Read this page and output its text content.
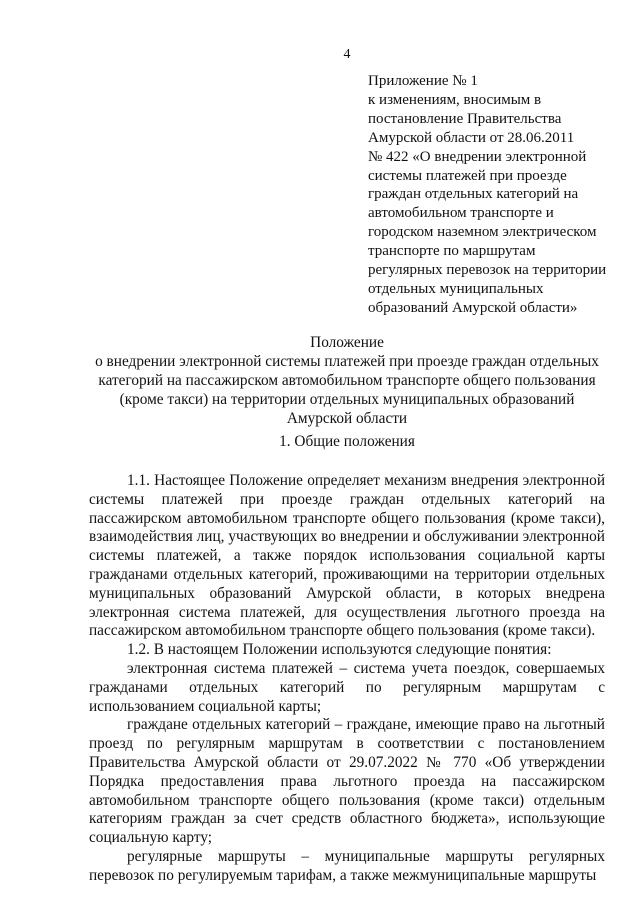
4
Приложение № 1
к изменениям, вносимым в
постановление Правительства
Амурской области от 28.06.2011
№ 422 «О внедрении электронной
системы платежей при проезде
граждан отдельных категорий на
автомобильном транспорте и
городском наземном электрическом
транспорте по маршрутам
регулярных перевозок на территории
отдельных муниципальных
образований Амурской области»
Положение
о внедрении электронной системы платежей при проезде граждан отдельных
категорий на пассажирском автомобильном транспорте общего пользования
(кроме такси) на территории отдельных муниципальных образований
Амурской области
1. Общие положения

1.1. Настоящее Положение определяет механизм внедрения электронной системы платежей при проезде граждан отдельных категорий на пассажирском автомобильном транспорте общего пользования (кроме такси), взаимодействия лиц, участвующих во внедрении и обслуживании электронной системы платежей, а также порядок использования социальной карты гражданами отдельных категорий, проживающими на территории отдельных муниципальных образований Амурской области, в которых внедрена электронная система платежей, для осуществления льготного проезда на пассажирском автомобильном транспорте общего пользования (кроме такси).

1.2. В настоящем Положении используются следующие понятия:

электронная система платежей – система учета поездок, совершаемых гражданами отдельных категорий по регулярным маршрутам с использованием социальной карты;

граждане отдельных категорий – граждане, имеющие право на льготный проезд по регулярным маршрутам в соответствии с постановлением Правительства Амурской области от 29.07.2022 № 770 «Об утверждении Порядка предоставления права льготного проезда на пассажирском автомобильном транспорте общего пользования (кроме такси) отдельным категориям граждан за счет средств областного бюджета», использующие социальную карту;

регулярные маршруты – муниципальные маршруты регулярных перевозок по регулируемым тарифам, а также межмуниципальные маршруты
